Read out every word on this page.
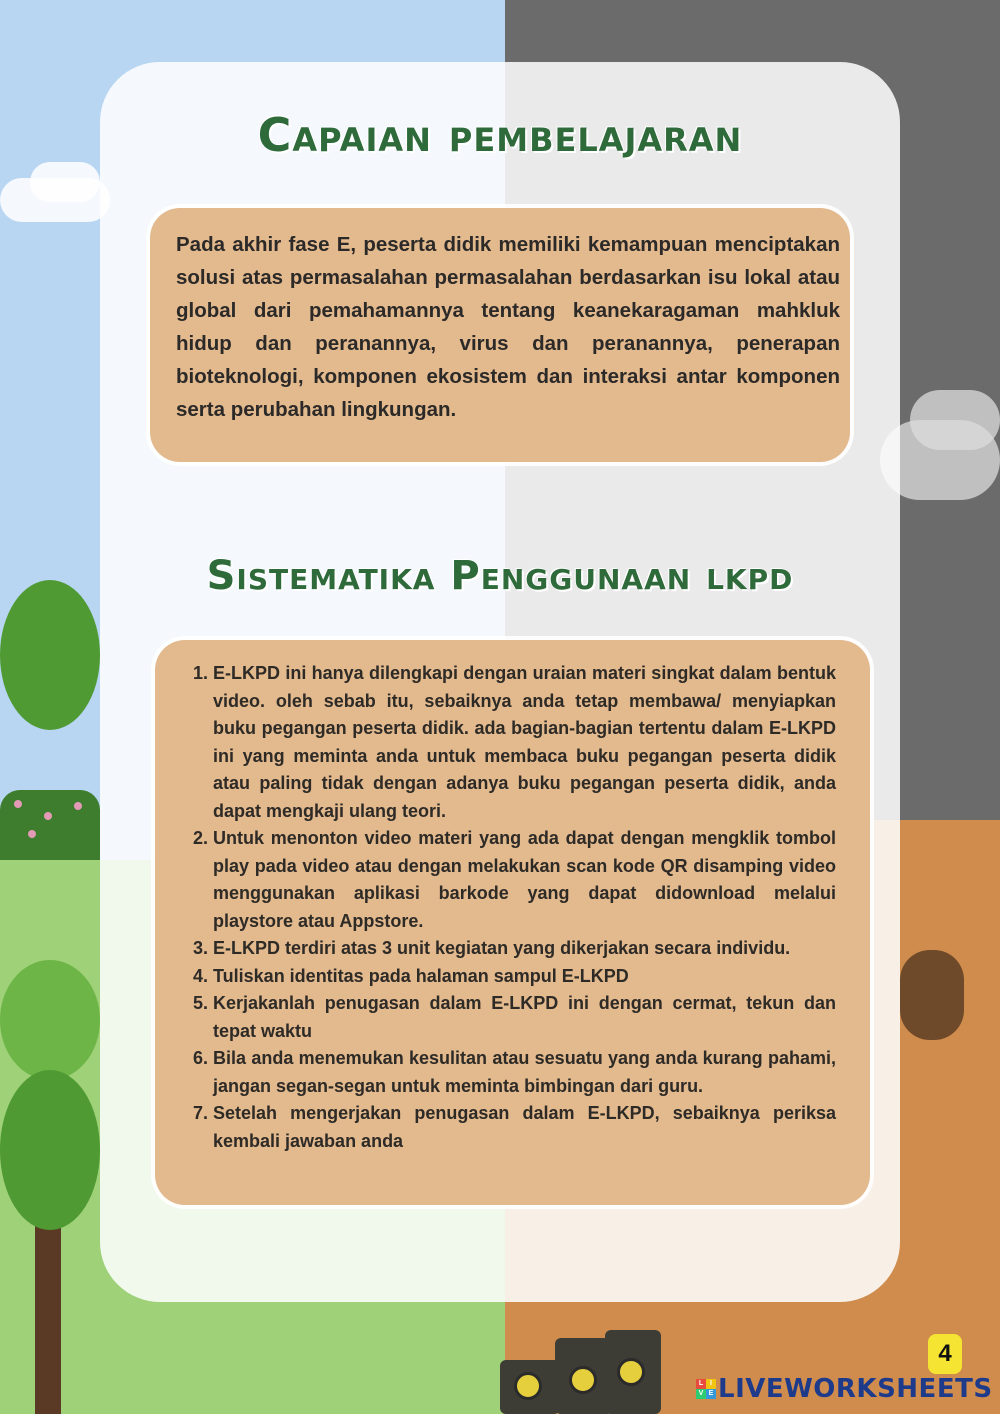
Capaian pembelajaran

Pada akhir fase E, peserta didik memiliki kemampuan menciptakan solusi atas permasalahan permasalahan berdasarkan isu lokal atau global dari pemahamannya tentang keanekaragaman mahkluk hidup dan peranannya, virus dan peranannya, penerapan bioteknologi, komponen ekosistem dan interaksi antar komponen serta perubahan lingkungan.

Sistematika Penggunaan lkpd
1. E-LKPD ini hanya dilengkapi dengan uraian materi singkat dalam bentuk video. oleh sebab itu, sebaiknya anda tetap membawa/ menyiapkan buku pegangan peserta didik. ada bagian-bagian tertentu dalam E-LKPD ini yang meminta anda untuk membaca buku pegangan peserta didik atau paling tidak dengan adanya buku pegangan peserta didik, anda dapat mengkaji ulang teori.
2. Untuk menonton video materi yang ada dapat dengan mengklik tombol play pada video atau dengan melakukan scan kode QR disamping video menggunakan aplikasi barkode yang dapat didownload melalui playstore atau Appstore.
3. E-LKPD terdiri atas 3 unit kegiatan yang dikerjakan secara individu.
4. Tuliskan identitas pada halaman sampul E-LKPD
5. Kerjakanlah penugasan dalam E-LKPD ini dengan cermat, tekun dan tepat waktu
6. Bila anda menemukan kesulitan atau sesuatu yang anda kurang pahami, jangan segan-segan untuk meminta bimbingan dari guru.
7. Setelah mengerjakan penugasan dalam E-LKPD, sebaiknya periksa kembali jawaban anda
4
L I
V E LIVEWORKSHEETS
